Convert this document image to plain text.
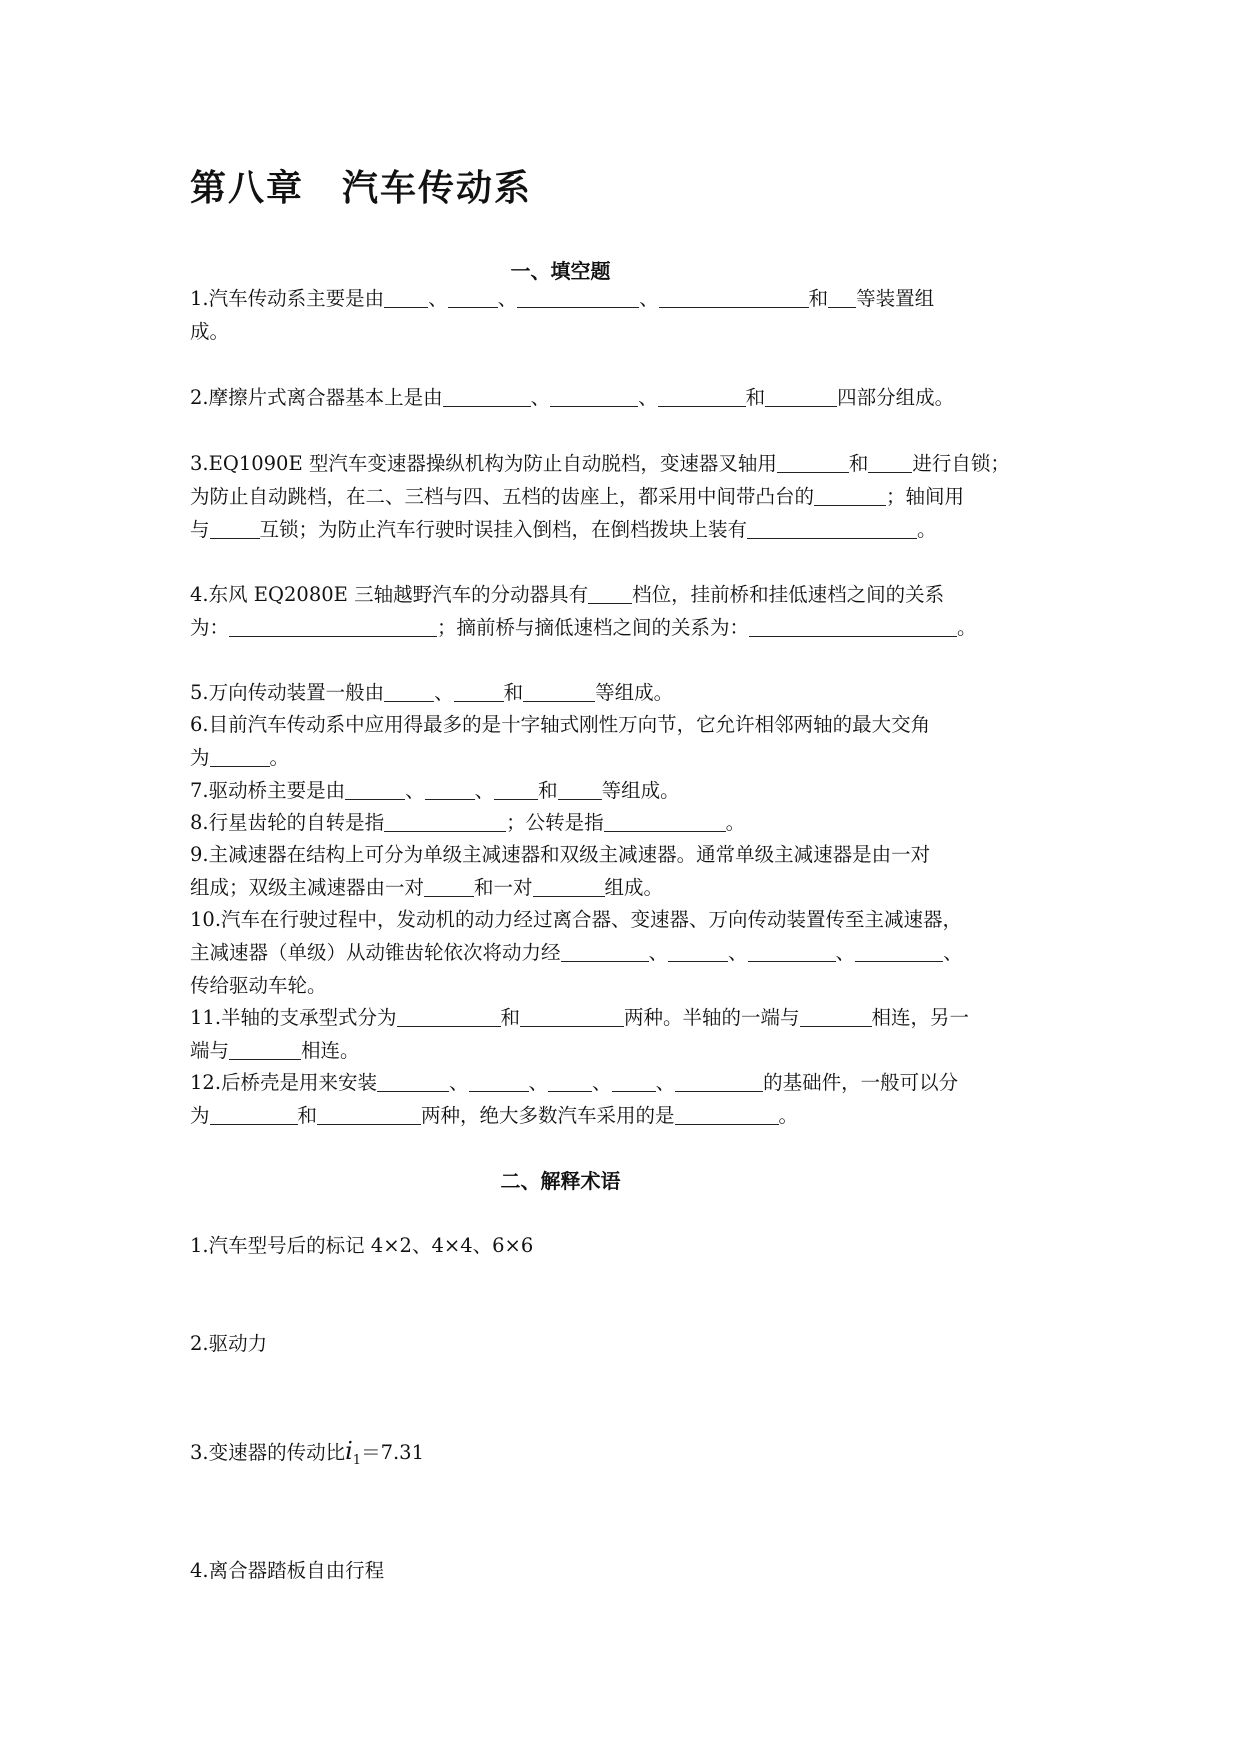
第八章　汽车传动系
一、填空题

1.汽车传动系主要是由 、	、	、	和 等装置组
成。

2.摩擦片式离合器基本上是由	、	、	和	四部分组成。

3.EQ1090E 型汽车变速器操纵机构为防止自动脱档，变速器叉轴用	和 进行自锁；
为防止自动跳档，在二、三档与四、五档的齿座上，都采用中间带凸台的	；轴间用
与	互锁；为防止汽车行驶时误挂入倒档，在倒档拨块上装有	。

4.东风 EQ2080E 三轴越野汽车的分动器具有 档位，挂前桥和挂低速档之间的关系
为：	；摘前桥与摘低速档之间的关系为：	。

5.万向传动装置一般由	、	和	等组成。

6.目前汽车传动系中应用得最多的是十字轴式刚性万向节，它允许相邻两轴的最大交角
为	。

7.驱动桥主要是由	、	、 和 等组成。

8.行星齿轮的自转是指	；公转是指	。

9.主减速器在结构上可分为单级主减速器和双级主减速器。通常单级主减速器是由一对
组成；双级主减速器由一对	和一对	组成。

10.汽车在行驶过程中，发动机的动力经过离合器、变速器、万向传动装置传至主减速器，
主减速器（单级）从动锥齿轮依次将动力经	、	、	、	、
传给驱动车轮。

11.半轴的支承型式分为	和	两种。半轴的一端与	相连，另一
端与	相连。

12.后桥壳是用来安装	、	、 、 、	的基础件，一般可以分
为	和	两种，绝大多数汽车采用的是	。

二、解释术语

1.汽车型号后的标记 4×2、4×4、6×6

2.驱动力

3.变速器的传动比$i_1=7.31$

4.离合器踏板自由行程
